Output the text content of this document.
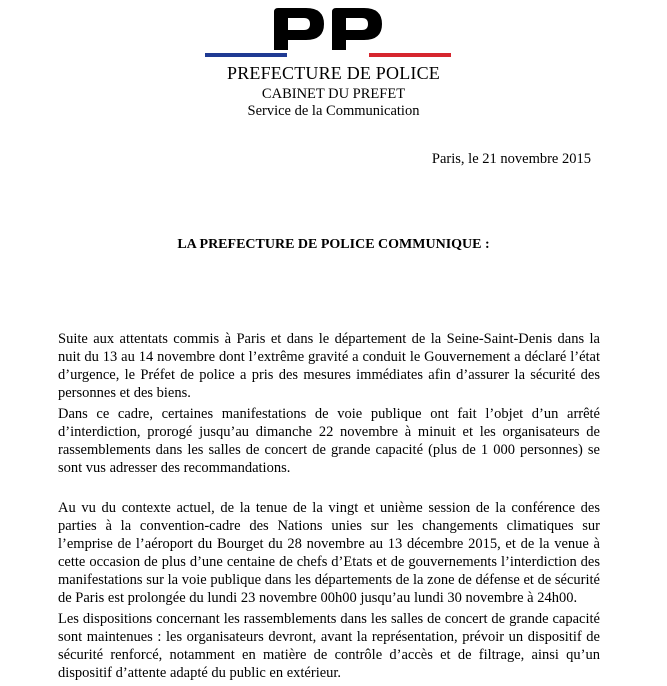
PREFECTURE DE POLICE
CABINET DU PREFET
Service de la Communication
Paris, le 21 novembre 2015
LA PREFECTURE DE POLICE COMMUNIQUE :

Suite aux attentats commis à Paris et dans le département de la Seine-Saint-Denis dans la nuit du 13 au 14 novembre dont l’extrême gravité a conduit le Gouvernement a déclaré l’état d’urgence, le Préfet de police a pris des mesures immédiates afin d’assurer la sécurité des personnes et des biens.

Dans ce cadre, certaines manifestations de voie publique ont fait l’objet d’un arrêté d’interdiction, prorogé jusqu’au dimanche 22 novembre à minuit et les organisateurs de rassemblements dans les salles de concert de grande capacité (plus de 1 000 personnes) se sont vus adresser des recommandations.

Au vu du contexte actuel, de la tenue de la vingt et unième session de la conférence des parties à la convention-cadre des Nations unies sur les changements climatiques sur l’emprise de l’aéroport du Bourget du 28 novembre au 13 décembre 2015, et de la venue à cette occasion de plus d’une centaine de chefs d’Etats et de gouvernements l’interdiction des manifestations sur la voie publique dans les départements de la zone de défense et de sécurité de Paris est prolongée du lundi 23 novembre 00h00 jusqu’au lundi 30 novembre à 24h00.

Les dispositions concernant les rassemblements dans les salles de concert de grande capacité sont maintenues : les organisateurs devront, avant la représentation, prévoir un dispositif de sécurité renforcé, notamment en matière de contrôle d’accès et de filtrage, ainsi qu’un dispositif d’attente adapté du public en extérieur.
